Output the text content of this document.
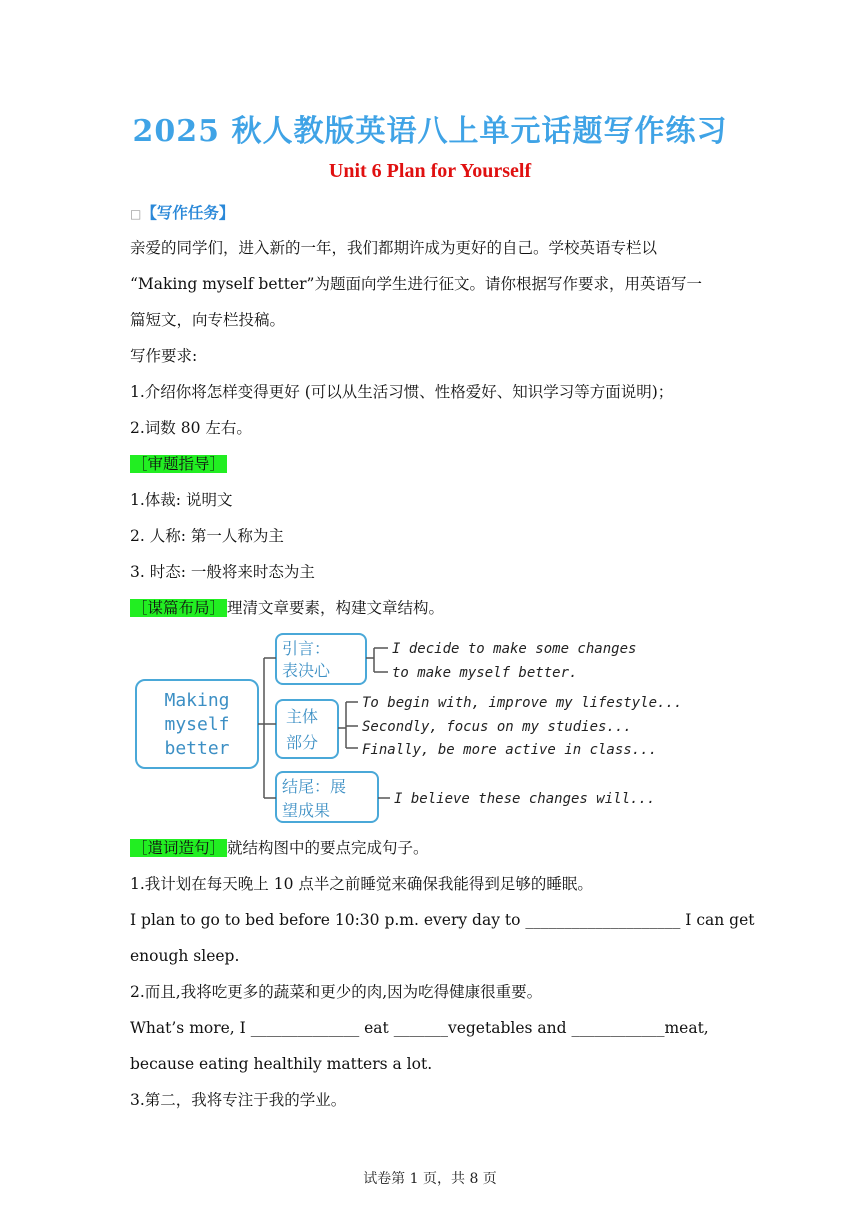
2025 秋人教版英语八上单元话题写作练习
Unit 6 Plan for Yourself
□【写作任务】
亲爱的同学们，进入新的一年，我们都期许成为更好的自己。学校英语专栏以
“Making myself better”为题面向学生进行征文。请你根据写作要求，用英语写一
篇短文，向专栏投稿。
写作要求:
1.介绍你将怎样变得更好 (可以从生活习惯、性格爱好、知识学习等方面说明)；
2.词数 80 左右。
［审题指导］
1.体裁: 说明文
2. 人称: 第一人称为主
3. 时态: 一般将来时态为主
［谋篇布局］ 理清文章要素，构建文章结构。
Making
myself
better
引言：
表决心
主体
部分
结尾：展
望成果
I decide to make some changes
to make myself better.
To begin with, improve my lifestyle...
Secondly, focus on my studies...
Finally, be more active in class...
I believe these changes will...
［遣词造句］ 就结构图中的要点完成句子。
1.我计划在每天晚上 10 点半之前睡觉来确保我能得到足够的睡眠。
I plan to go to bed before 10:30 p.m. every day to ____________________ I can get
enough sleep.
2.而且,我将吃更多的蔬菜和更少的肉,因为吃得健康很重要。
What’s more, I ______________ eat _______vegetables and ____________meat,
because eating healthily matters a lot.
3.第二，我将专注于我的学业。
试卷第 1 页，共 8 页
